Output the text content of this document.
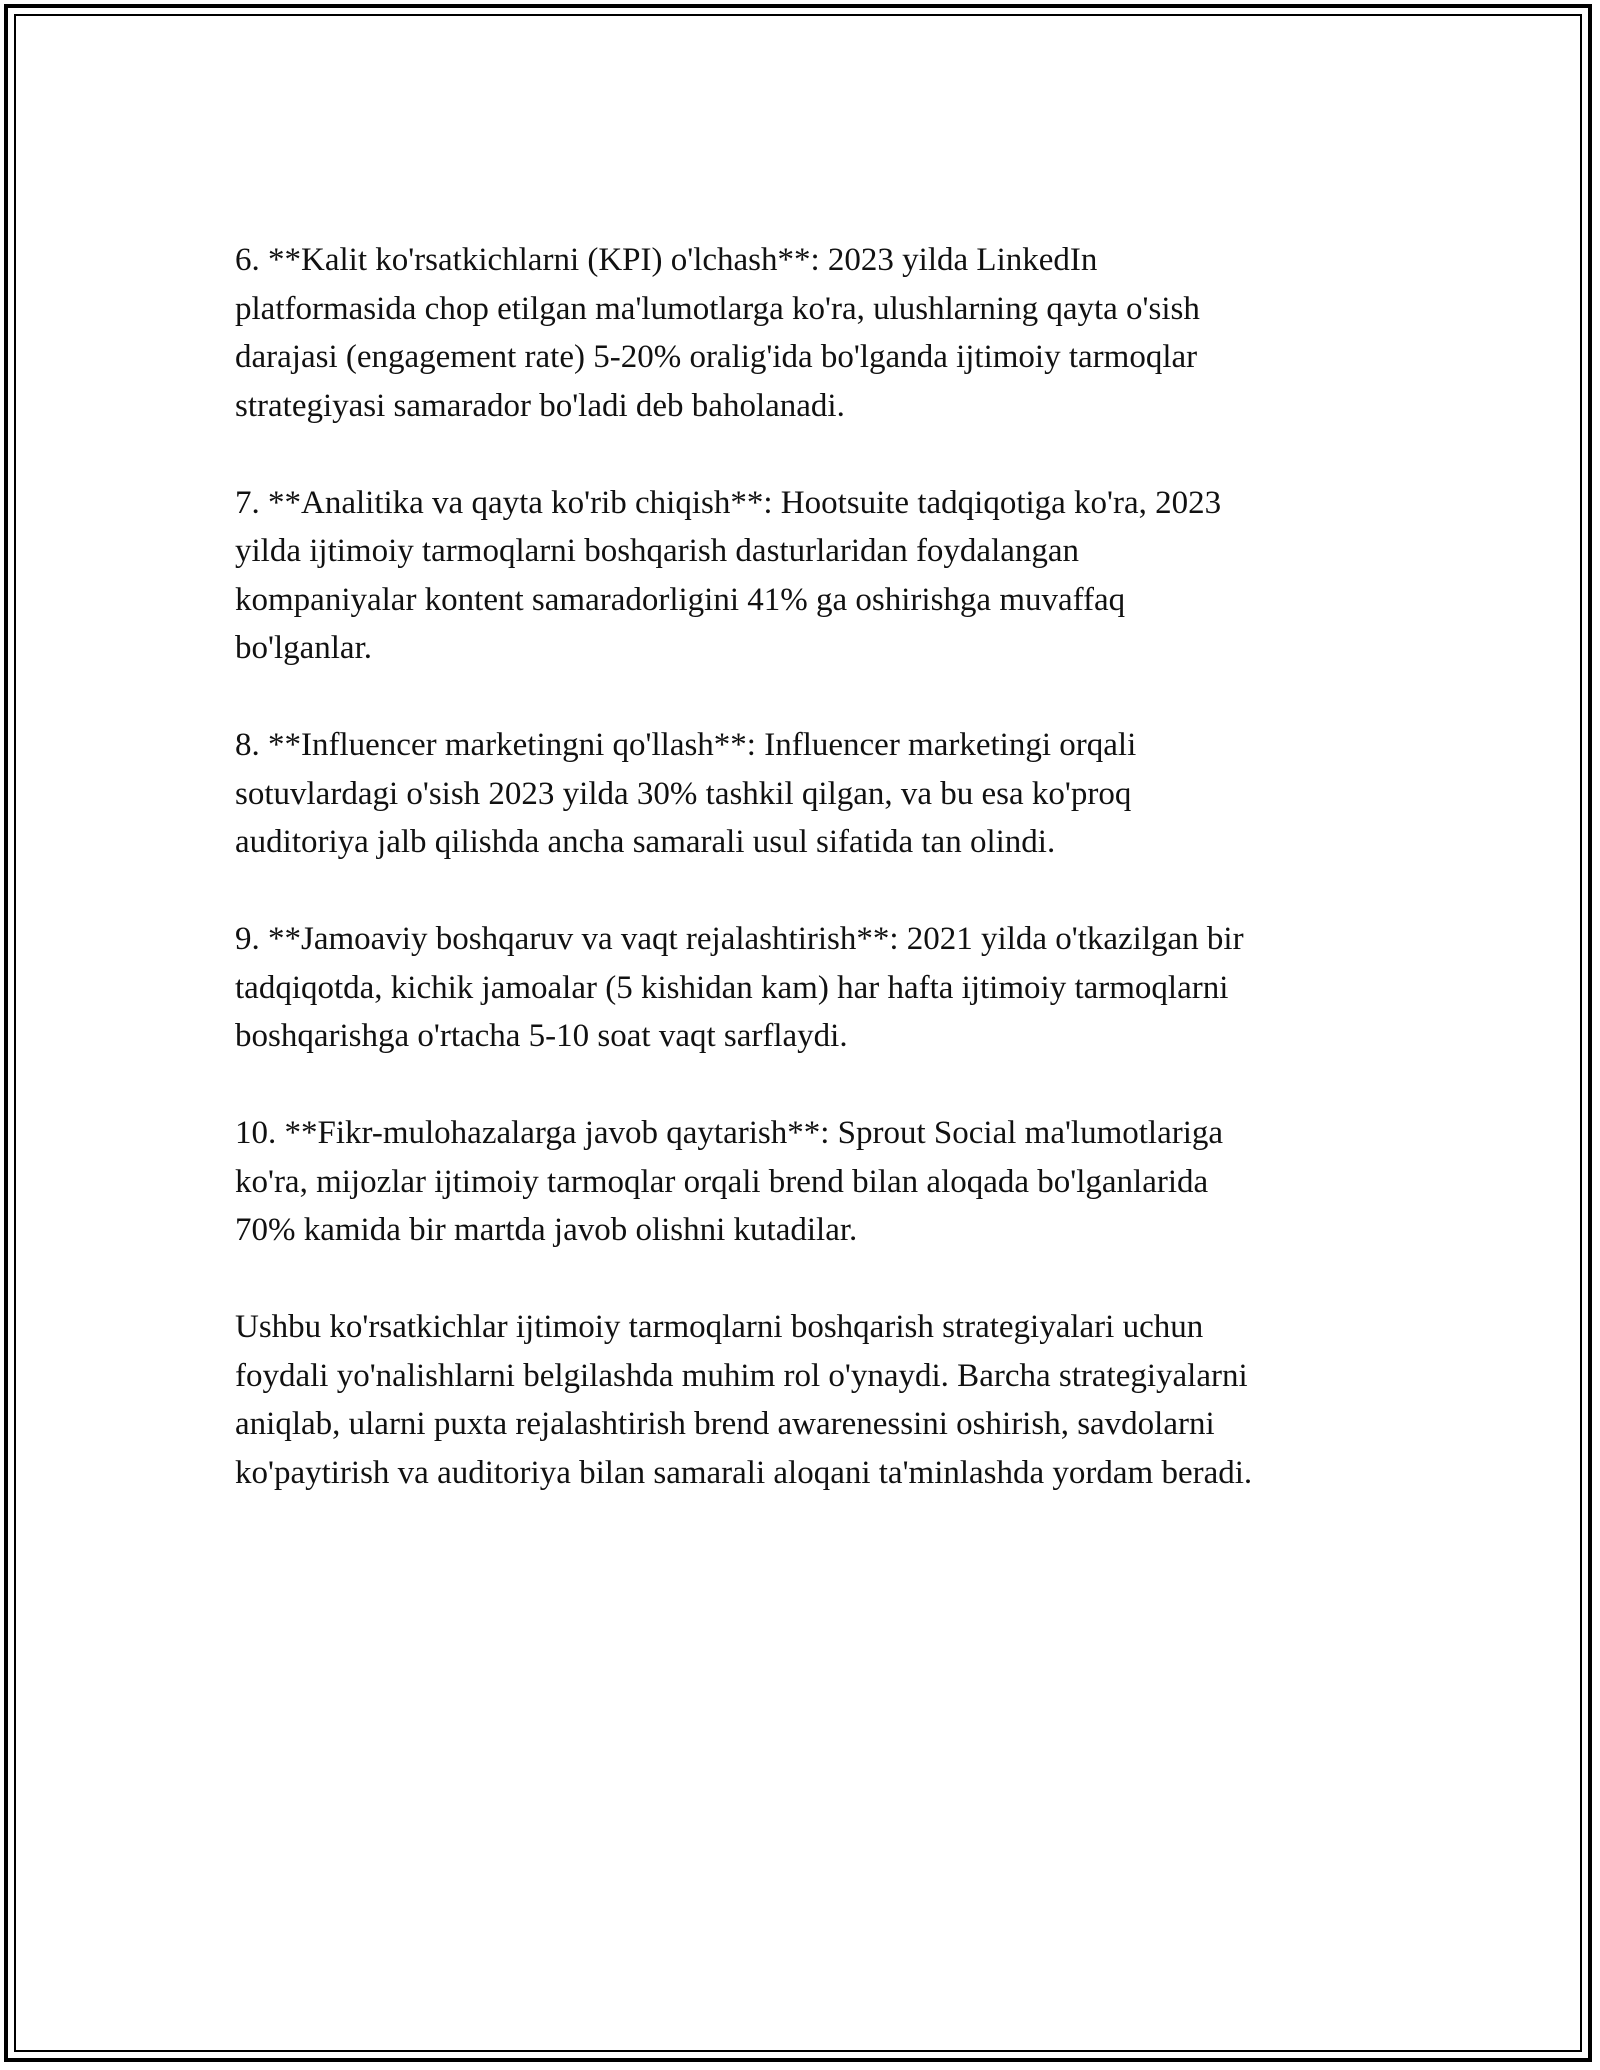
6. **Kalit ko'rsatkichlarni (KPI) o'lchash**: 2023 yilda LinkedIn
platformasida chop etilgan ma'lumotlarga ko'ra, ulushlarning qayta o'sish
darajasi (engagement rate) 5-20% oralig'ida bo'lganda ijtimoiy tarmoqlar
strategiyasi samarador bo'ladi deb baholanadi.

7. **Analitika va qayta ko'rib chiqish**: Hootsuite tadqiqotiga ko'ra, 2023
yilda ijtimoiy tarmoqlarni boshqarish dasturlaridan foydalangan
kompaniyalar kontent samaradorligini 41% ga oshirishga muvaffaq
bo'lganlar.

8. **Influencer marketingni qo'llash**: Influencer marketingi orqali
sotuvlardagi o'sish 2023 yilda 30% tashkil qilgan, va bu esa ko'proq
auditoriya jalb qilishda ancha samarali usul sifatida tan olindi.

9. **Jamoaviy boshqaruv va vaqt rejalashtirish**: 2021 yilda o'tkazilgan bir
tadqiqotda, kichik jamoalar (5 kishidan kam) har hafta ijtimoiy tarmoqlarni
boshqarishga o'rtacha 5-10 soat vaqt sarflaydi.

10. **Fikr-mulohazalarga javob qaytarish**: Sprout Social ma'lumotlariga
ko'ra, mijozlar ijtimoiy tarmoqlar orqali brend bilan aloqada bo'lganlarida
70% kamida bir martda javob olishni kutadilar.

Ushbu ko'rsatkichlar ijtimoiy tarmoqlarni boshqarish strategiyalari uchun
foydali yo'nalishlarni belgilashda muhim rol o'ynaydi. Barcha strategiyalarni
aniqlab, ularni puxta rejalashtirish brend awarenessini oshirish, savdolarni
ko'paytirish va auditoriya bilan samarali aloqani ta'minlashda yordam beradi.
